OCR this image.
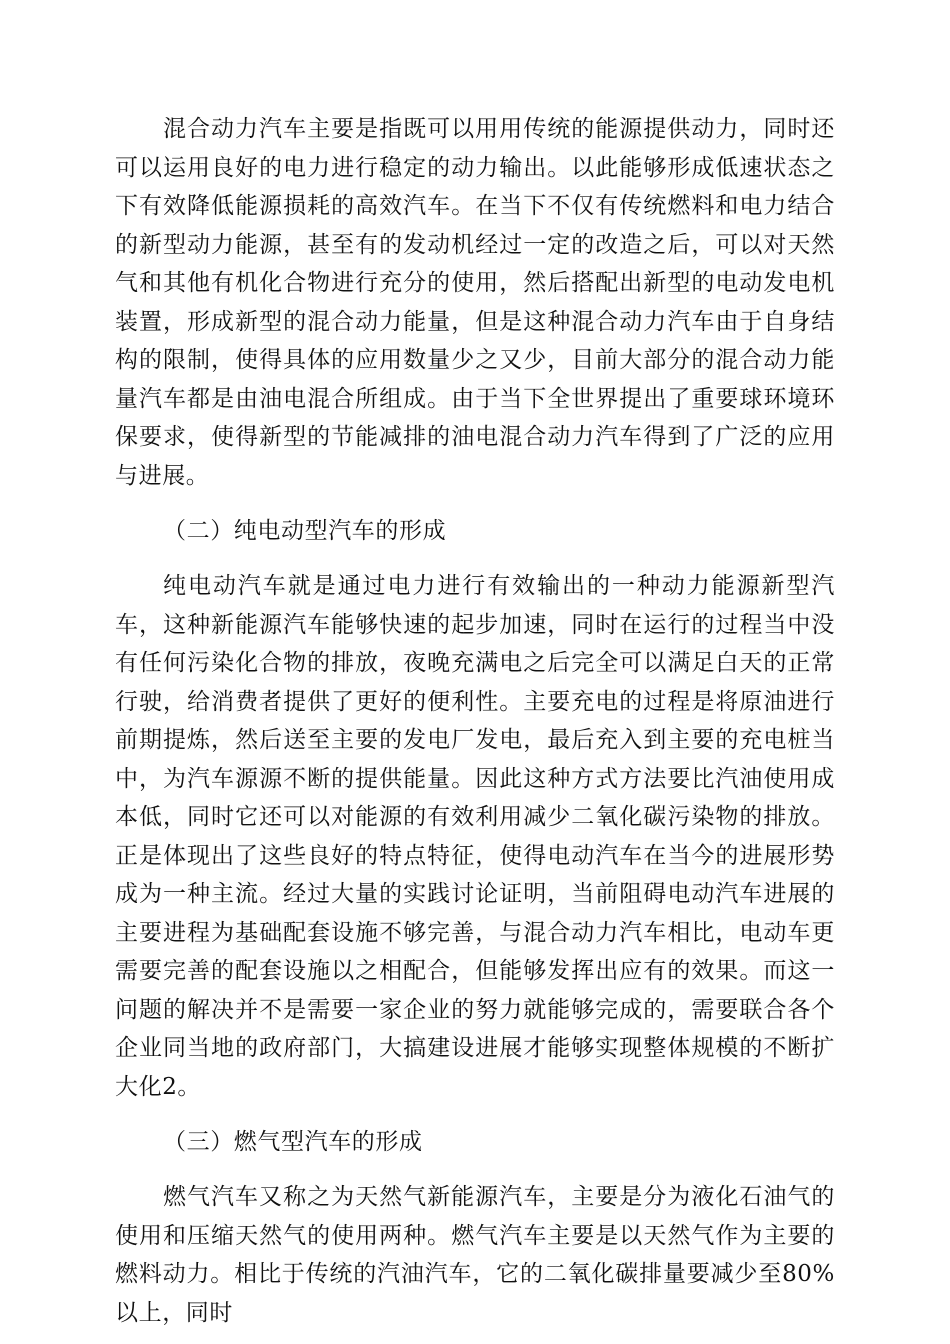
混合动力汽车主要是指既可以用用传统的能源提供动力，同时还可以运用良好的电力进行稳定的动力输出。以此能够形成低速状态之下有效降低能源损耗的高效汽车。在当下不仅有传统燃料和电力结合的新型动力能源，甚至有的发动机经过一定的改造之后，可以对天然气和其他有机化合物进行充分的使用，然后搭配出新型的电动发电机装置，形成新型的混合动力能量，但是这种混合动力汽车由于自身结构的限制，使得具体的应用数量少之又少，目前大部分的混合动力能量汽车都是由油电混合所组成。由于当下全世界提出了重要球环境环保要求，使得新型的节能减排的油电混合动力汽车得到了广泛的应用与进展。

（二）纯电动型汽车的形成

纯电动汽车就是通过电力进行有效输出的一种动力能源新型汽车，这种新能源汽车能够快速的起步加速，同时在运行的过程当中没有任何污染化合物的排放，夜晚充满电之后完全可以满足白天的正常行驶，给消费者提供了更好的便利性。主要充电的过程是将原油进行前期提炼，然后送至主要的发电厂发电，最后充入到主要的充电桩当中，为汽车源源不断的提供能量。因此这种方式方法要比汽油使用成本低，同时它还可以对能源的有效利用减少二氧化碳污染物的排放。正是体现出了这些良好的特点特征，使得电动汽车在当今的进展形势成为一种主流。经过大量的实践讨论证明，当前阻碍电动汽车进展的主要进程为基础配套设施不够完善，与混合动力汽车相比，电动车更需要完善的配套设施以之相配合，但能够发挥出应有的效果。而这一问题的解决并不是需要一家企业的努力就能够完成的，需要联合各个企业同当地的政府部门，大搞建设进展才能够实现整体规模的不断扩大化2。

（三）燃气型汽车的形成

燃气汽车又称之为天然气新能源汽车，主要是分为液化石油气的使用和压缩天然气的使用两种。燃气汽车主要是以天然气作为主要的燃料动力。相比于传统的汽油汽车，它的二氧化碳排量要减少至80%以上，同时
